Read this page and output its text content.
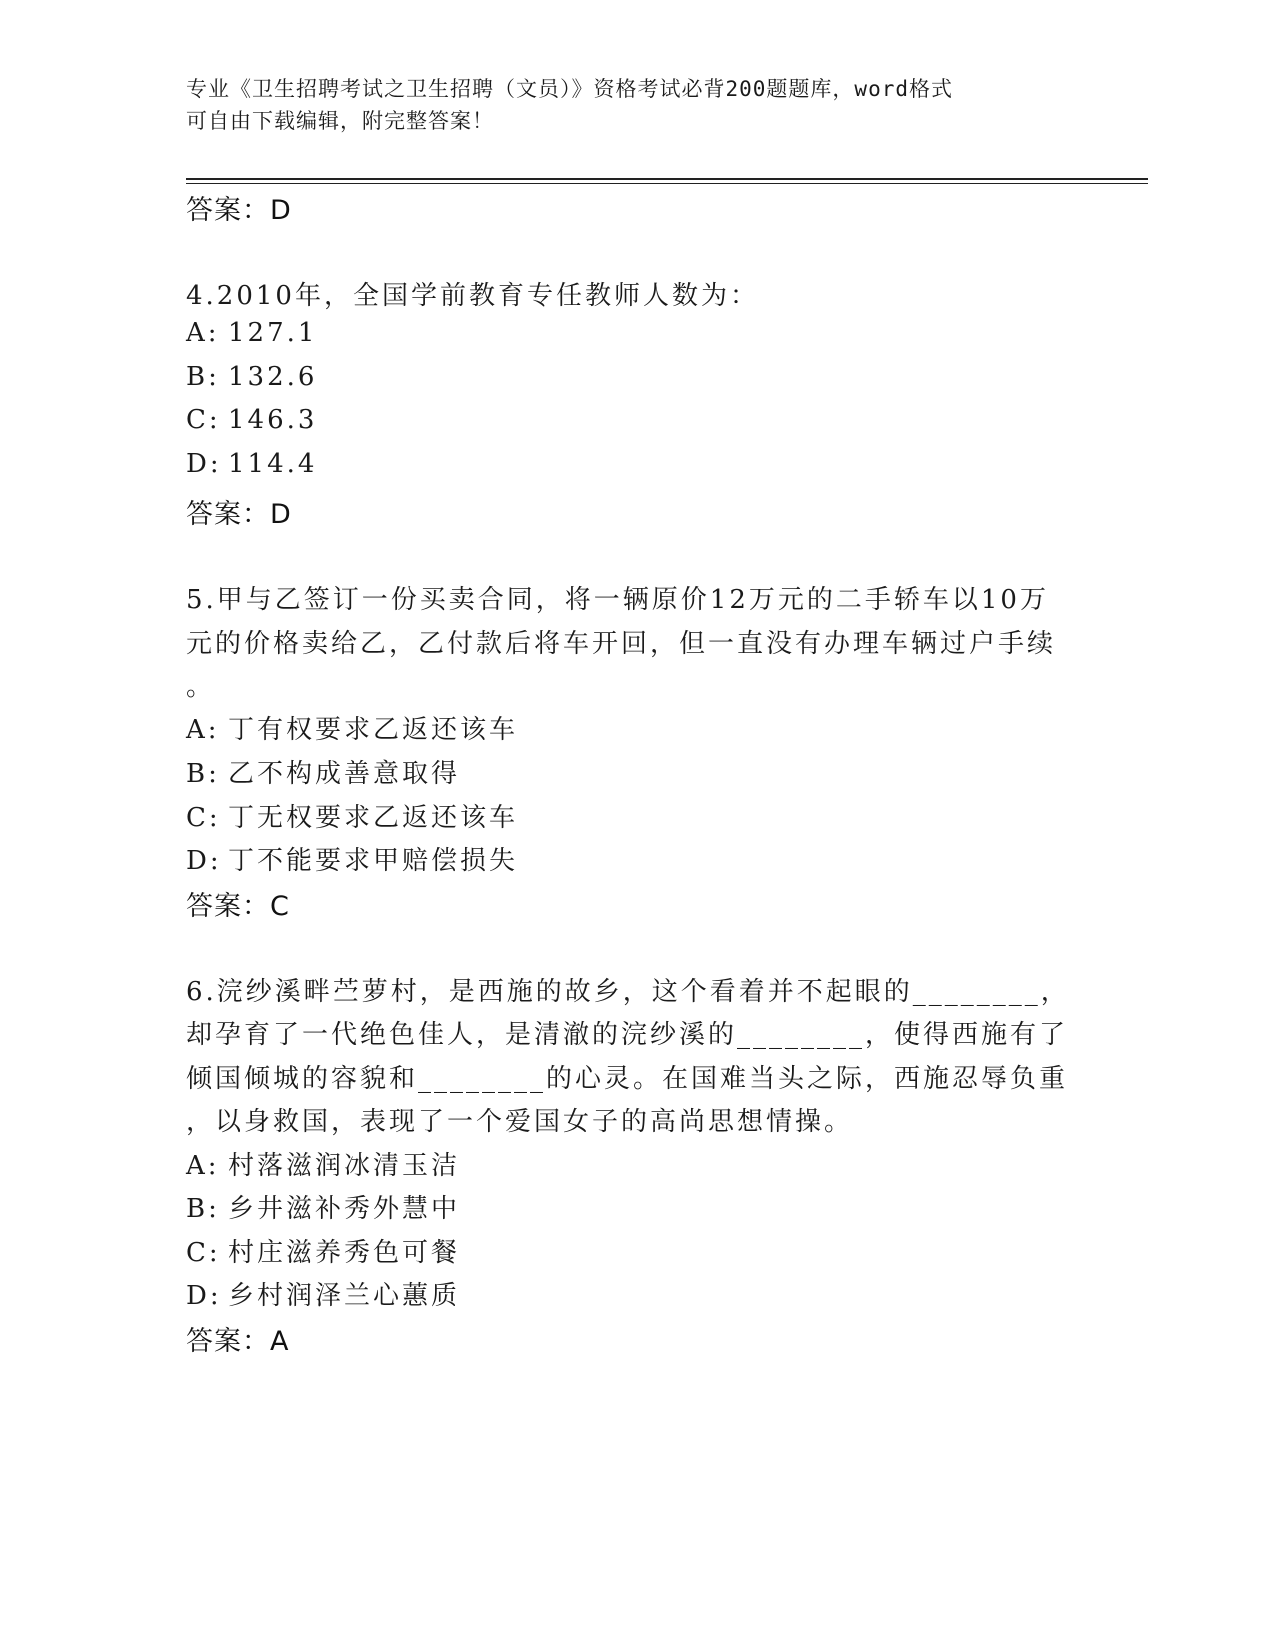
专业《卫生招聘考试之卫生招聘（文员）》资格考试必背200题题库，word格式
可自由下载编辑，附完整答案！
答案：D
4.2010年，全国学前教育专任教师人数为：
A: 127.1
B: 132.6
C: 146.3
D: 114.4
答案：D
5.甲与乙签订一份买卖合同，将一辆原价12万元的二手轿车以10万
元的价格卖给乙，乙付款后将车开回，但一直没有办理车辆过户手续
。
A: 丁有权要求乙返还该车
B: 乙不构成善意取得
C: 丁无权要求乙返还该车
D: 丁不能要求甲赔偿损失
答案：C
6.浣纱溪畔苎萝村，是西施的故乡，这个看着并不起眼的________，
却孕育了一代绝色佳人，是清澈的浣纱溪的________，使得西施有了
倾国倾城的容貌和________的心灵。在国难当头之际，西施忍辱负重
，以身救国，表现了一个爱国女子的高尚思想情操。
A: 村落滋润冰清玉洁
B: 乡井滋补秀外慧中
C: 村庄滋养秀色可餐
D: 乡村润泽兰心蕙质
答案：A
